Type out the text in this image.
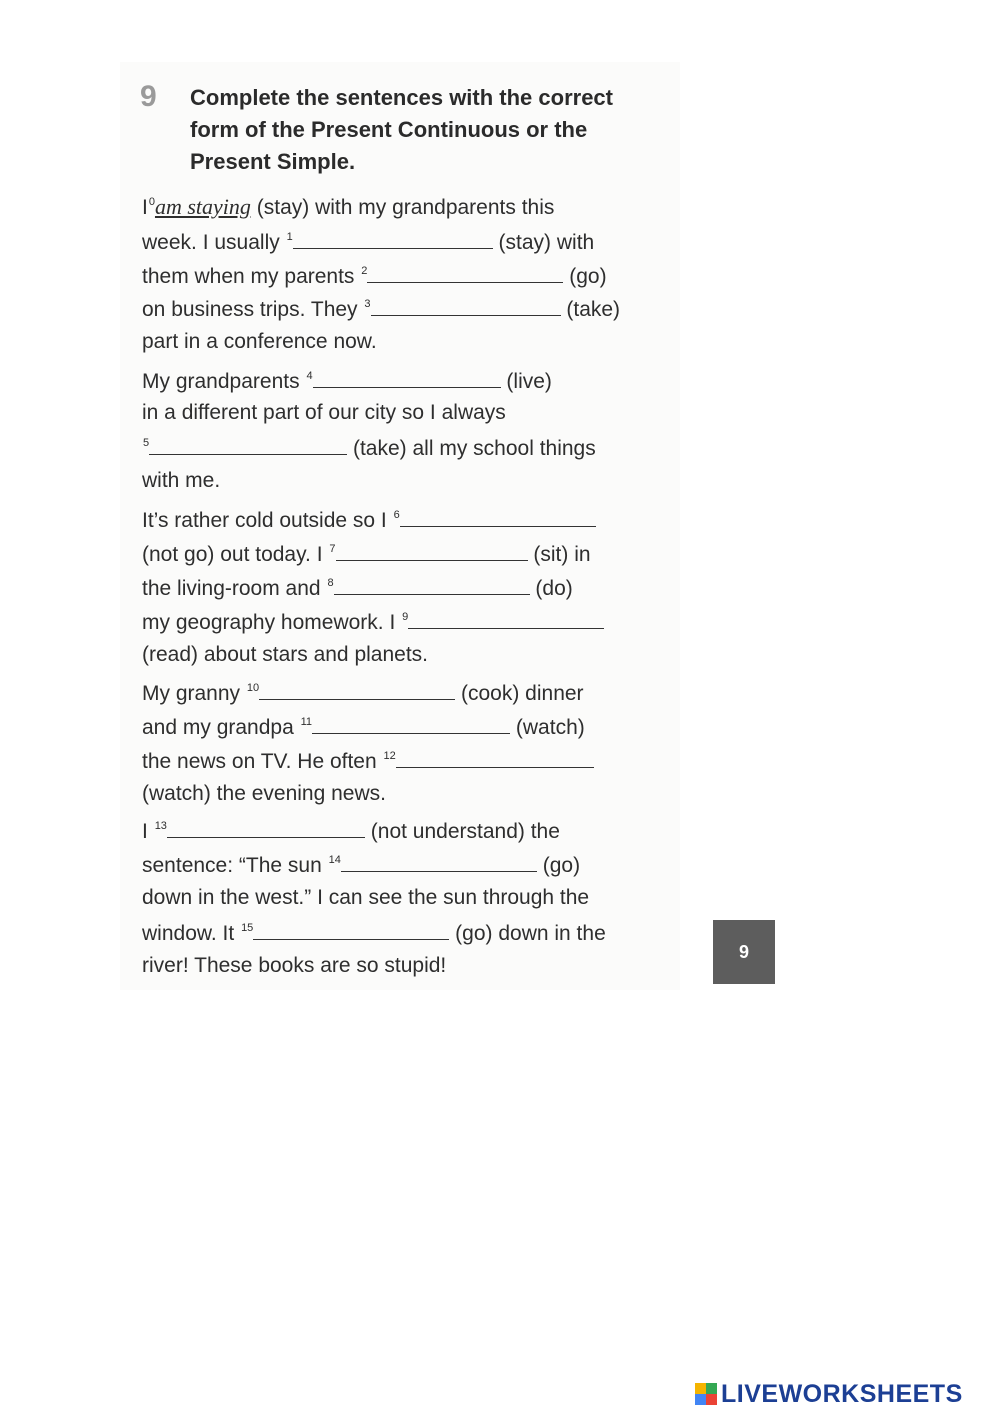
9 Complete the sentences with the correct
form of the Present Continuous or the
Present Simple.
$I^0am$ staying (stay) with my grandparents this
week. I usually $^1$	(stay) with
them when my parents $^2$	(go)
on business trips. They $^3$	(take)
part in a conference now.
My grandparents $^4$	(live)
in a different part of our city so I always
$^5$	(take) all my school things
with me.
It’s rather cold outside so I $^6$
(not go) out today. I $^7$	(sit) in
the living-room and $^8$	(do)
my geography homework. I $^9$
(read) about stars and planets.
My granny $^{10}$	(cook) dinner
and my grandpa $^{11}$	(watch)
the news on TV. He often $^{12}$
(watch) the evening news.
I $^{13}$	(not understand) the
sentence: “The sun $^{14}$	(go)
down in the west.” I can see the sun through the
window. It $^{15}$	(go) down in the
river! These books are so stupid!
9
LIVEWORKSHEETS
